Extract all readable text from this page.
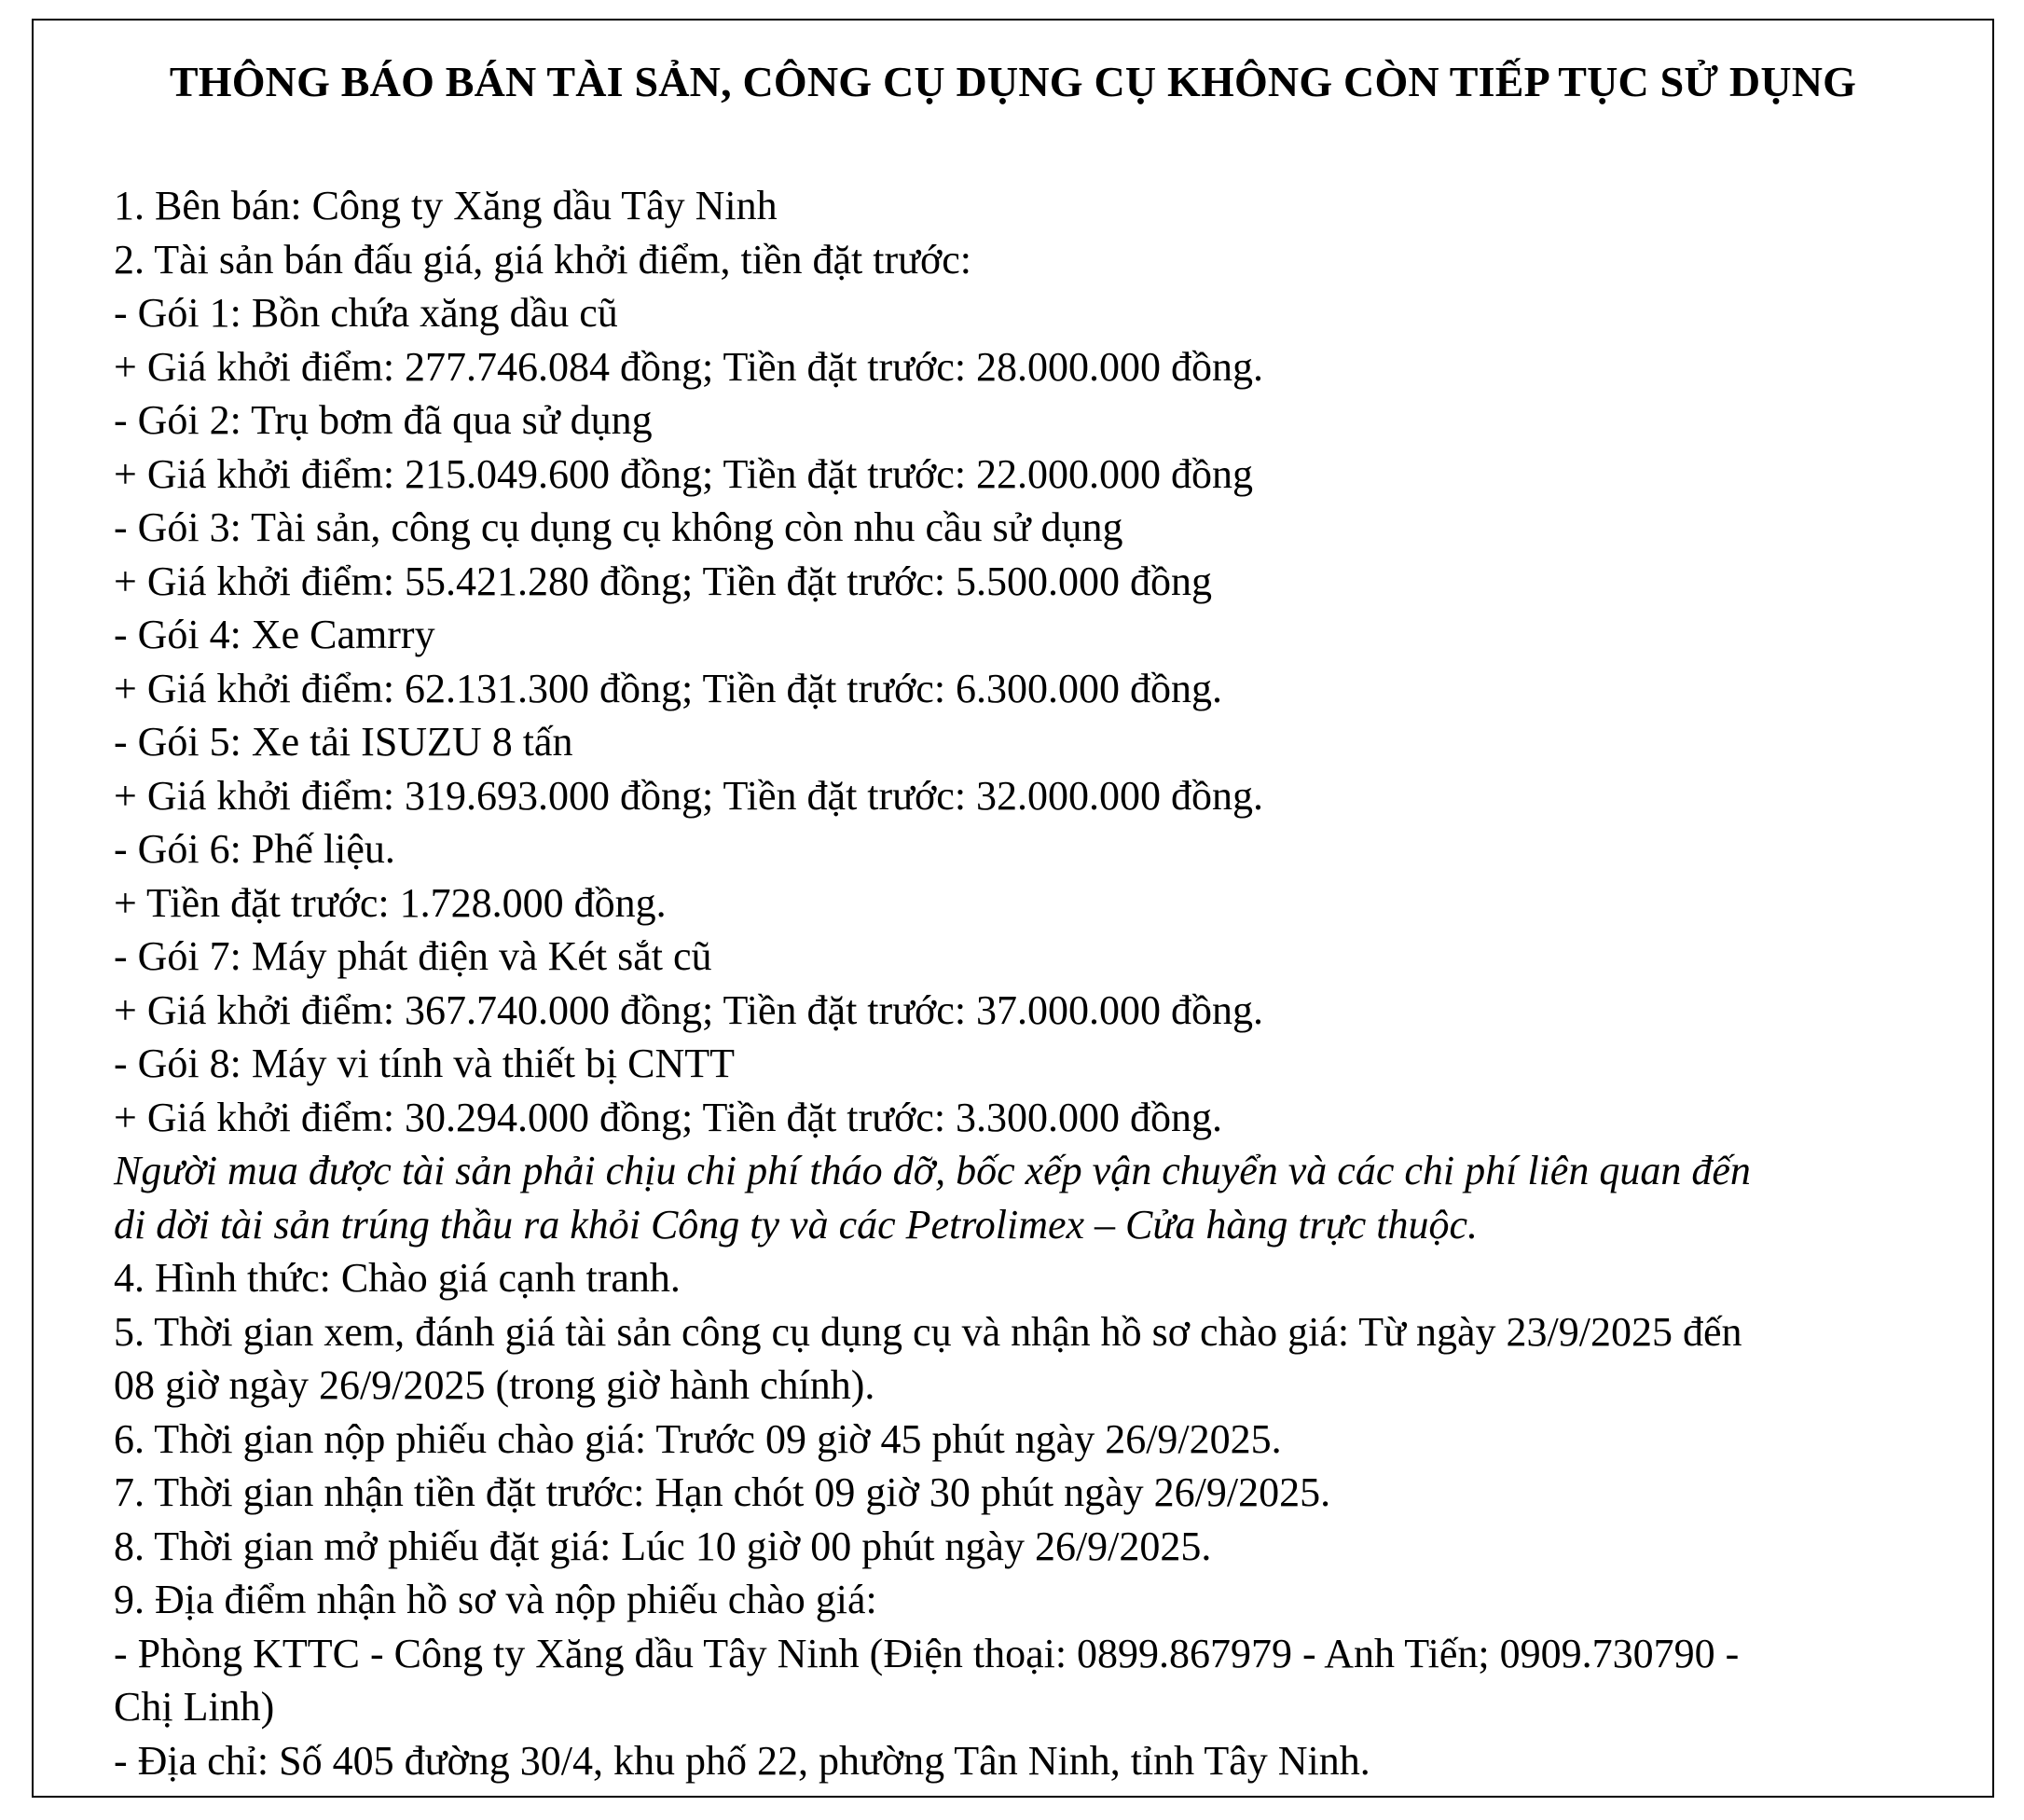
THÔNG BÁO BÁN TÀI SẢN, CÔNG CỤ DỤNG CỤ KHÔNG CÒN TIẾP TỤC SỬ DỤNG
1. Bên bán: Công ty Xăng dầu Tây Ninh
2. Tài sản bán đấu giá, giá khởi điểm, tiền đặt trước:
- Gói 1: Bồn chứa xăng dầu cũ
+ Giá khởi điểm: 277.746.084 đồng; Tiền đặt trước: 28.000.000 đồng.
- Gói 2: Trụ bơm đã qua sử dụng
+ Giá khởi điểm: 215.049.600 đồng; Tiền đặt trước: 22.000.000 đồng
- Gói 3: Tài sản, công cụ dụng cụ không còn nhu cầu sử dụng
+ Giá khởi điểm: 55.421.280 đồng; Tiền đặt trước: 5.500.000 đồng
- Gói 4: Xe Camrry
+ Giá khởi điểm: 62.131.300 đồng; Tiền đặt trước: 6.300.000 đồng.
- Gói 5: Xe tải ISUZU 8 tấn
+ Giá khởi điểm: 319.693.000 đồng; Tiền đặt trước: 32.000.000 đồng.
- Gói 6: Phế liệu.
+ Tiền đặt trước: 1.728.000 đồng.
- Gói 7: Máy phát điện và Két sắt cũ
+ Giá khởi điểm: 367.740.000 đồng; Tiền đặt trước: 37.000.000 đồng.
- Gói 8: Máy vi tính và thiết bị CNTT
+ Giá khởi điểm: 30.294.000 đồng; Tiền đặt trước: 3.300.000 đồng.
Người mua được tài sản phải chịu chi phí tháo dỡ, bốc xếp vận chuyển và các chi phí liên quan đến
di dời tài sản trúng thầu ra khỏi Công ty và các Petrolimex – Cửa hàng trực thuộc.
4. Hình thức: Chào giá cạnh tranh.
5. Thời gian xem, đánh giá tài sản công cụ dụng cụ và nhận hồ sơ chào giá: Từ ngày 23/9/2025 đến
08 giờ ngày 26/9/2025 (trong giờ hành chính).
6. Thời gian nộp phiếu chào giá: Trước 09 giờ 45 phút ngày 26/9/2025.
7. Thời gian nhận tiền đặt trước: Hạn chót 09 giờ 30 phút ngày 26/9/2025.
8. Thời gian mở phiếu đặt giá: Lúc 10 giờ 00 phút ngày 26/9/2025.
9. Địa điểm nhận hồ sơ và nộp phiếu chào giá:
- Phòng KTTC - Công ty Xăng dầu Tây Ninh (Điện thoại: 0899.867979 - Anh Tiến; 0909.730790 -
Chị Linh)
- Địa chỉ: Số 405 đường 30/4, khu phố 22, phường Tân Ninh, tỉnh Tây Ninh.
